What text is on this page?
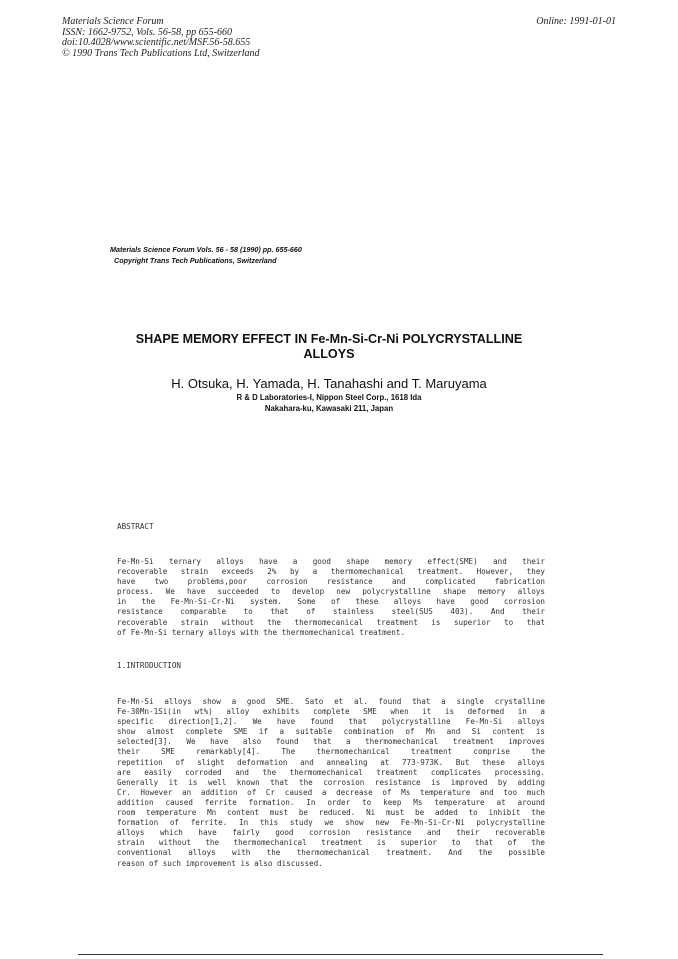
Materials Science Forum
ISSN: 1662-9752, Vols. 56-58, pp 655-660
doi:10.4028/www.scientific.net/MSF.56-58.655
© 1990 Trans Tech Publications Ltd, Switzerland
Online: 1991-01-01
Materials Science Forum Vols. 56 - 58 (1990) pp. 655-660
Copyright Trans Tech Publications, Switzerland
SHAPE MEMORY EFFECT IN Fe-Mn-Si-Cr-Ni POLYCRYSTALLINE
ALLOYS
H. Otsuka, H. Yamada, H. Tanahashi and T. Maruyama
R & D Laboratories-I, Nippon Steel Corp., 1618 Ida
Nakahara-ku, Kawasaki 211, Japan
ABSTRACT
Fe-Mn-Si ternary alloys have a good shape memory effect(SME) and their
recoverable strain exceeds 2% by a thermomechanical treatment. However, they
have two problems,poor corrosion resistance and complicated fabrication
process. We have succeeded to develop new polycrystalline shape memory alloys
in the Fe-Mn-Si-Cr-Ni system. Some of these alloys have good corrosion
resistance comparable to that of stainless steel(SUS 403). And their
recoverable strain without the thermomecanical treatment is superior to that
of Fe-Mn-Si ternary alloys with the thermomechanical treatment.
1.INTRODUCTION
Fe-Mn-Si alloys show a good SME. Sato et al. found that a single crystalline
Fe-30Mn-1Si(in wt%) alloy exhibits complete SME when it is deformed in a
specific direction[1,2]. We have found that polycrystalline Fe-Mn-Si alloys
show almost complete SME if a suitable combination of Mn and Si content is
selected[3]. We have also found that a thermomechanical treatment improves
their SME remarkably[4]. The thermomechanical treatment comprise the
repetition of slight deformation and annealing at 773-973K. But these alloys
are easily corroded and the thermomechanical treatment complicates processing.
Generally it is well known that the corrosion resistance is improved by adding
Cr. However an addition of Cr caused a decrease of Ms temperature and too much
addition caused ferrite formation. In order to keep Ms temperature at around
room temperature Mn content must be reduced. Ni must be added to inhibit the
formation of ferrite. In this study we show new Fe-Mn-Si-Cr-Ni polycrystalline
alloys which have fairly good corrosion resistance and their recoverable
strain without the thermomechanical treatment is superior to that of the
conventional alloys with the thermomechanical treatment. And the possible
reason of such improvement is also discussed.
